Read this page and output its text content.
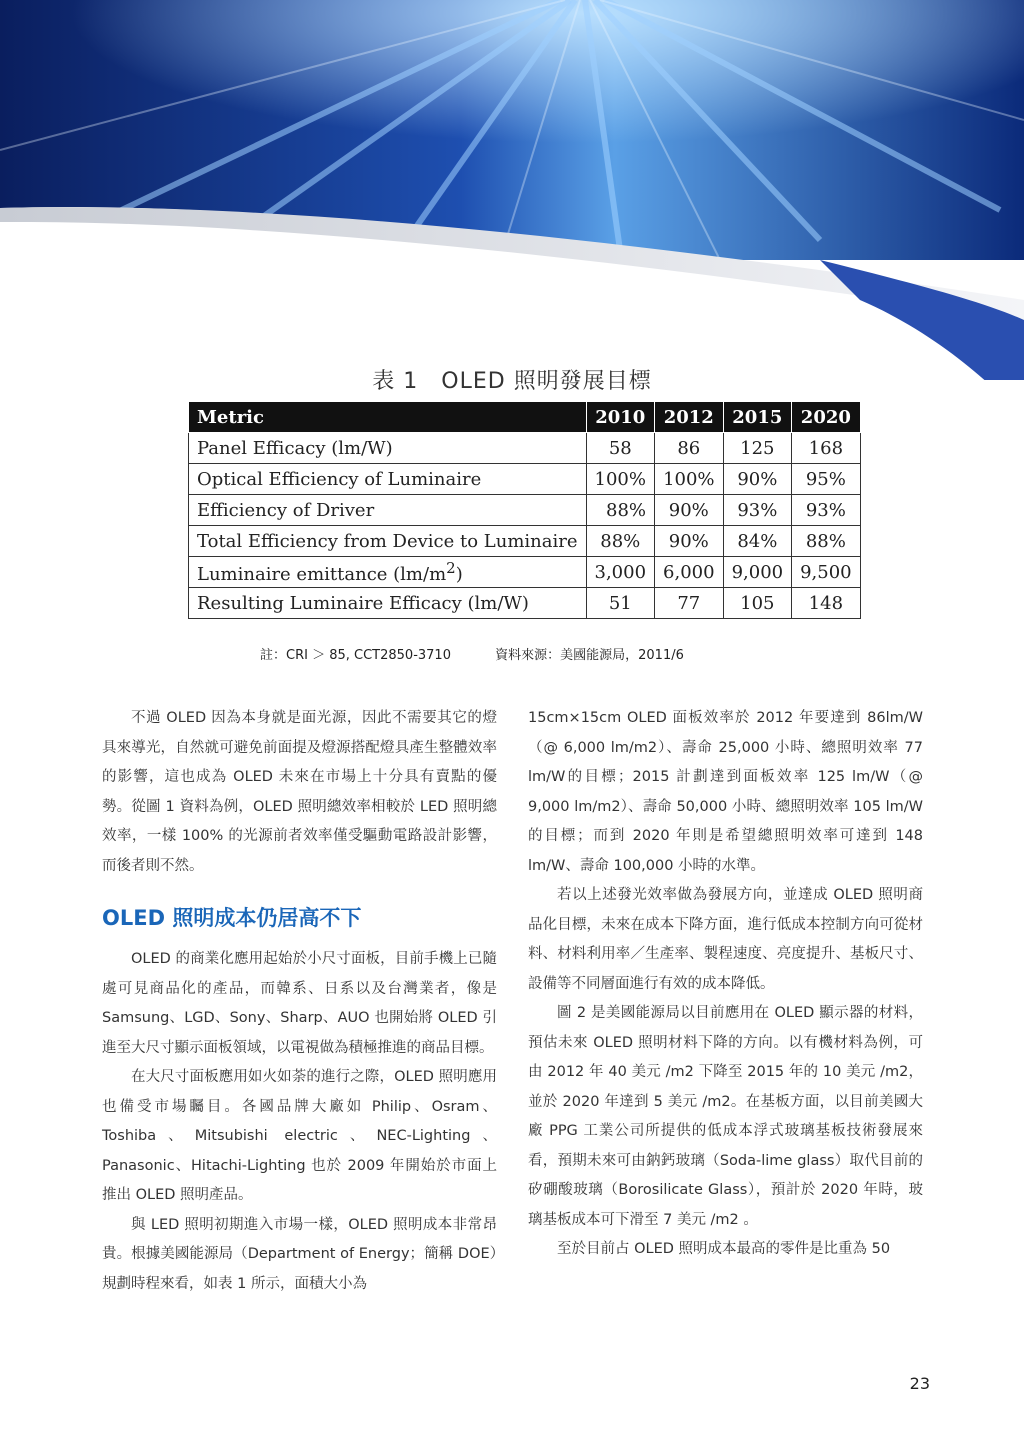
表 1　OLED 照明發展目標
Metric	2010	2012	2015	2020
Panel Efficacy (lm/W)	58	86	125	168
Optical Efficiency of Luminaire	100%	100%	90%	95%
Efficiency of Driver	88%	90%	93%	93%
Total Efficiency from Device to Luminaire	88%	90%	84%	88%
Luminaire emittance $(lm/m^2)$	3,000	6,000	9,000	9,500
Resulting Luminaire Efficacy (lm/W)	51	77	105	148
註：CRI ＞ 85, CCT2850-3710	資料來源：美國能源局，2011/6

不過 OLED 因為本身就是面光源，因此不需要其它的燈具來導光，自然就可避免前面提及燈源搭配燈具產生整體效率的影響，這也成為 OLED 未來在市場上十分具有賣點的優勢。從圖 1 資料為例，OLED 照明總效率相較於 LED 照明總效率，一樣 100% 的光源前者效率僅受驅動電路設計影響，而後者則不然。

OLED 照明成本仍居高不下

OLED 的商業化應用起始於小尺寸面板，目前手機上已隨處可見商品化的產品，而韓系、日系以及台灣業者，像是 Samsung、LGD、Sony、Sharp、AUO 也開始將 OLED 引進至大尺寸顯示面板領域，以電視做為積極推進的商品目標。

在大尺寸面板應用如火如荼的進行之際，OLED 照明應用也備受市場矚目。各國品牌大廠如 Philip、Osram、Toshiba、Mitsubishi electric、NEC-Lighting、Panasonic、Hitachi-Lighting 也於 2009 年開始於市面上推出 OLED 照明產品。

與 LED 照明初期進入市場一樣，OLED 照明成本非常昂貴。根據美國能源局（Department of Energy；簡稱 DOE）規劃時程來看，如表 1 所示，面積大小為

15cm×15cm OLED 面板效率於 2012 年要達到 86lm/W（@ 6,000 lm/m2）、壽命 25,000 小時、總照明效率 77 lm/W的目標；2015 計劃達到面板效率 125 lm/W（@ 9,000 lm/m2）、壽命 50,000 小時、總照明效率 105 lm/W 的目標；而到 2020 年則是希望總照明效率可達到 148 lm/W、壽命 100,000 小時的水準。

若以上述發光效率做為發展方向，並達成 OLED 照明商品化目標，未來在成本下降方面，進行低成本控制方向可從材料、材料利用率／生產率、製程速度、亮度提升、基板尺寸、設備等不同層面進行有效的成本降低。

圖 2 是美國能源局以目前應用在 OLED 顯示器的材料，預估未來 OLED 照明材料下降的方向。以有機材料為例，可由 2012 年 40 美元 /m2 下降至 2015 年的 10 美元 /m2，並於 2020 年達到 5 美元 /m2。在基板方面，以目前美國大廠 PPG 工業公司所提供的低成本浮式玻璃基板技術發展來看，預期未來可由鈉鈣玻璃（Soda-lime glass）取代目前的矽硼酸玻璃（Borosilicate Glass），預計於 2020 年時，玻璃基板成本可下滑至 7 美元 /m2 。

至於目前占 OLED 照明成本最高的零件是比重為 50

23
